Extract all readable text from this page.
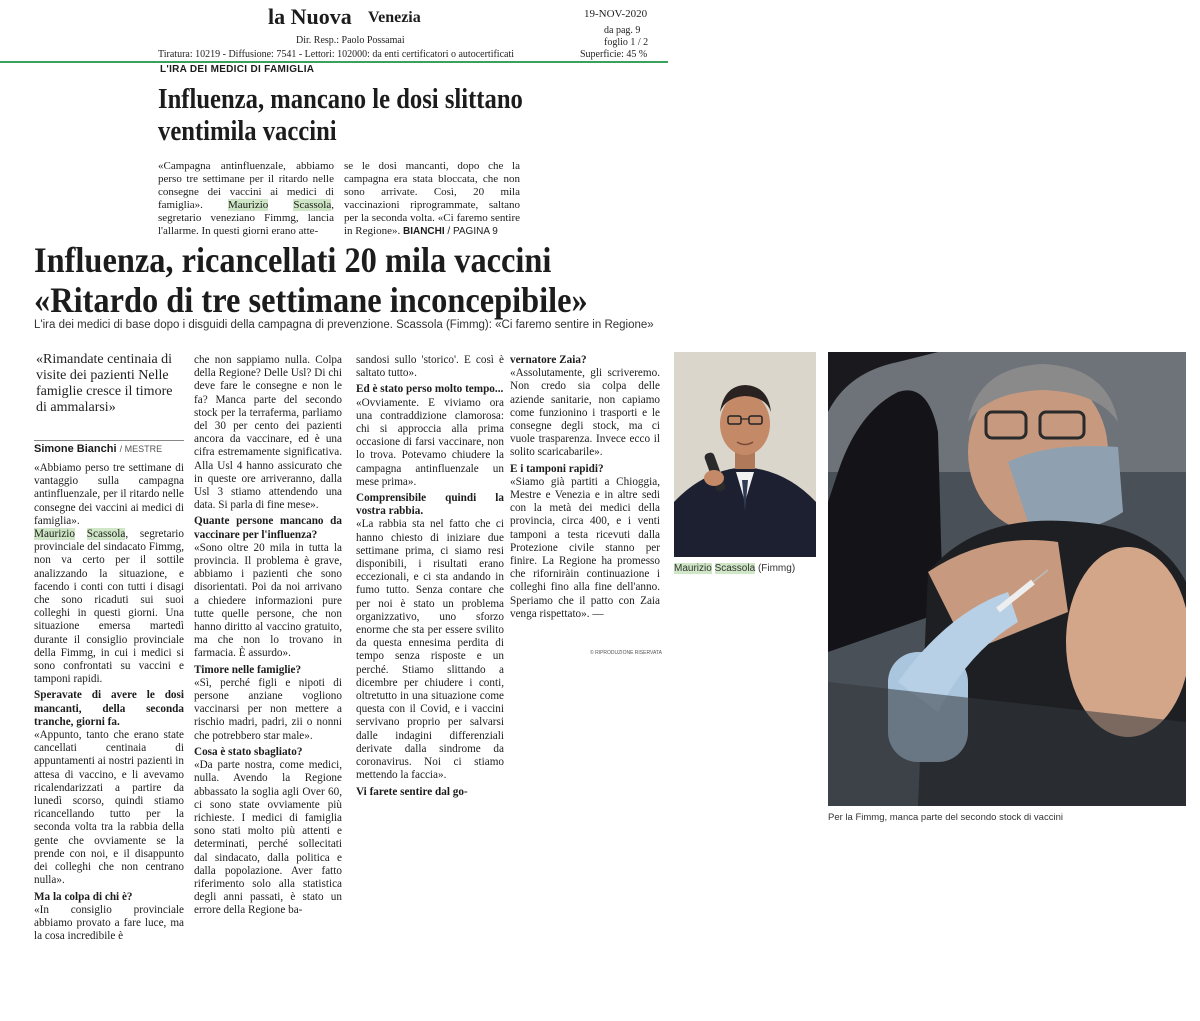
la Nuova Venezia
Dir. Resp.: Paolo Possamai
Tiratura: 10219 - Diffusione: 7541 - Lettori: 102000: da enti certificatori o autocertificati
19-NOV-2020
da pag. 9
foglio 1 / 2
Superficie: 45 %
L'IRA DEI MEDICI DI FAMIGLIA
Influenza, mancano le dosi slittano ventimila vaccini
«Campagna antinfluenzale, abbiamo perso tre settimane per il ritardo nelle consegne dei vaccini ai medici di famiglia». Maurizio Scassola, segretario veneziano Fimmg, lancia l'allarme. In questi giorni erano atte-
se le dosi mancanti, dopo che la campagna era stata bloccata, che non sono arrivate. Così, 20 mila vaccinazioni riprogrammate, saltano per la seconda volta. «Ci faremo sentire in Regione». BIANCHI / PAGINA 9
Influenza, ricancellati 20 mila vaccini
«Ritardo di tre settimane inconcepibile»
L'ira dei medici di base dopo i disguidi della campagna di prevenzione. Scassola (Fimmg): «Ci faremo sentire in Regione»
«Rimandate centinaia di visite dei pazienti Nelle famiglie cresce il timore di ammalarsi»
Simone Bianchi / MESTRE

«Abbiamo perso tre settimane di vantaggio sulla campagna antinfluenzale, per il ritardo nelle consegne dei vaccini ai medici di famiglia».

Maurizio Scassola, segretario provinciale del sindacato Fimmg, non va certo per il sottile analizzando la situazione, e facendo i conti con tutti i disagi che sono ricaduti sui suoi colleghi in questi giorni. Una situazione emersa martedì durante il consiglio provinciale della Fimmg, in cui i medici si sono confrontati su vaccini e tamponi rapidi.

Speravate di avere le dosi mancanti, della seconda tranche, giorni fa.

«Appunto, tanto che erano state cancellati centinaia di appuntamenti ai nostri pazienti in attesa di vaccino, e li avevamo ricalendarizzati a partire da lunedì scorso, quindi stiamo ricancellando tutto per la seconda volta tra la rabbia della gente che ovviamente se la prende con noi, e il disappunto dei colleghi che non centrano nulla».

Ma la colpa di chi è?

«In consiglio provinciale abbiamo provato a fare luce, ma la cosa incredibile è

che non sappiamo nulla. Colpa della Regione? Delle Usl? Di chi deve fare le consegne e non le fa? Manca parte del secondo stock per la terraferma, parliamo del 30 per cento dei pazienti ancora da vaccinare, ed è una cifra estremamente significativa. Alla Usl 4 hanno assicurato che in queste ore arriveranno, dalla Usl 3 stiamo attendendo una data. Si parla di fine mese».

Quante persone mancano da vaccinare per l'influenza?

«Sono oltre 20 mila in tutta la provincia. Il problema è grave, abbiamo i pazienti che sono disorientati. Poi da noi arrivano a chiedere informazioni pure tutte quelle persone, che non hanno diritto al vaccino gratuito, ma che non lo trovano in farmacia. È assurdo».

Timore nelle famiglie?

«Sì, perché figli e nipoti di persone anziane vogliono vaccinarsi per non mettere a rischio madri, padri, zii o nonni che potrebbero star male».

Cosa è stato sbagliato?

«Da parte nostra, come medici, nulla. Avendo la Regione abbassato la soglia agli Over 60, ci sono state ovviamente più richieste. I medici di famiglia sono stati molto più attenti e determinati, perché sollecitati dal sindacato, dalla politica e dalla popolazione. Aver fatto riferimento solo alla statistica degli anni passati, è stato un errore della Regione ba-

sandosi sullo 'storico'. E così è saltato tutto».

Ed è stato perso molto tempo...

«Ovviamente. E viviamo ora una contraddizione clamorosa: chi si approccia alla prima occasione di farsi vaccinare, non lo trova. Potevamo chiudere la campagna antinfluenzale un mese prima».

Comprensibile quindi la vostra rabbia.

«La rabbia sta nel fatto che ci hanno chiesto di iniziare due settimane prima, ci siamo resi disponibili, i risultati erano eccezionali, e ci sta andando in fumo tutto. Senza contare che per noi è stato un problema organizzativo, uno sforzo enorme che sta per essere svilito da questa ennesima perdita di tempo senza risposte e un perché. Stiamo slittando a dicembre per chiudere i conti, oltretutto in una situazione come questa con il Covid, e i vaccini servivano proprio per salvarsi dalle indagini differenziali derivate dalla sindrome da coronavirus. Noi ci stiamo mettendo la faccia».

Vi farete sentire dal go-

vernatore Zaia?

«Assolutamente, gli scriveremo. Non credo sia colpa delle aziende sanitarie, non capiamo come funzionino i trasporti e le consegne degli stock, ma ci vuole trasparenza. Invece ecco il solito scaricabarile».

E i tamponi rapidi?

«Siamo già partiti a Chioggia, Mestre e Venezia e in altre sedi con la metà dei medici della provincia, circa 400, e i venti tamponi a testa ricevuti dalla Protezione civile stanno per finire. La Regione ha promesso che riforniràin continuazione i colleghi fino alla fine dell'anno. Speriamo che il patto con Zaia venga rispettato». —

© RIPRODUZIONE RISERVATA
Maurizio Scassola (Fimmg)
Per la Fimmg, manca parte del secondo stock di vaccini
